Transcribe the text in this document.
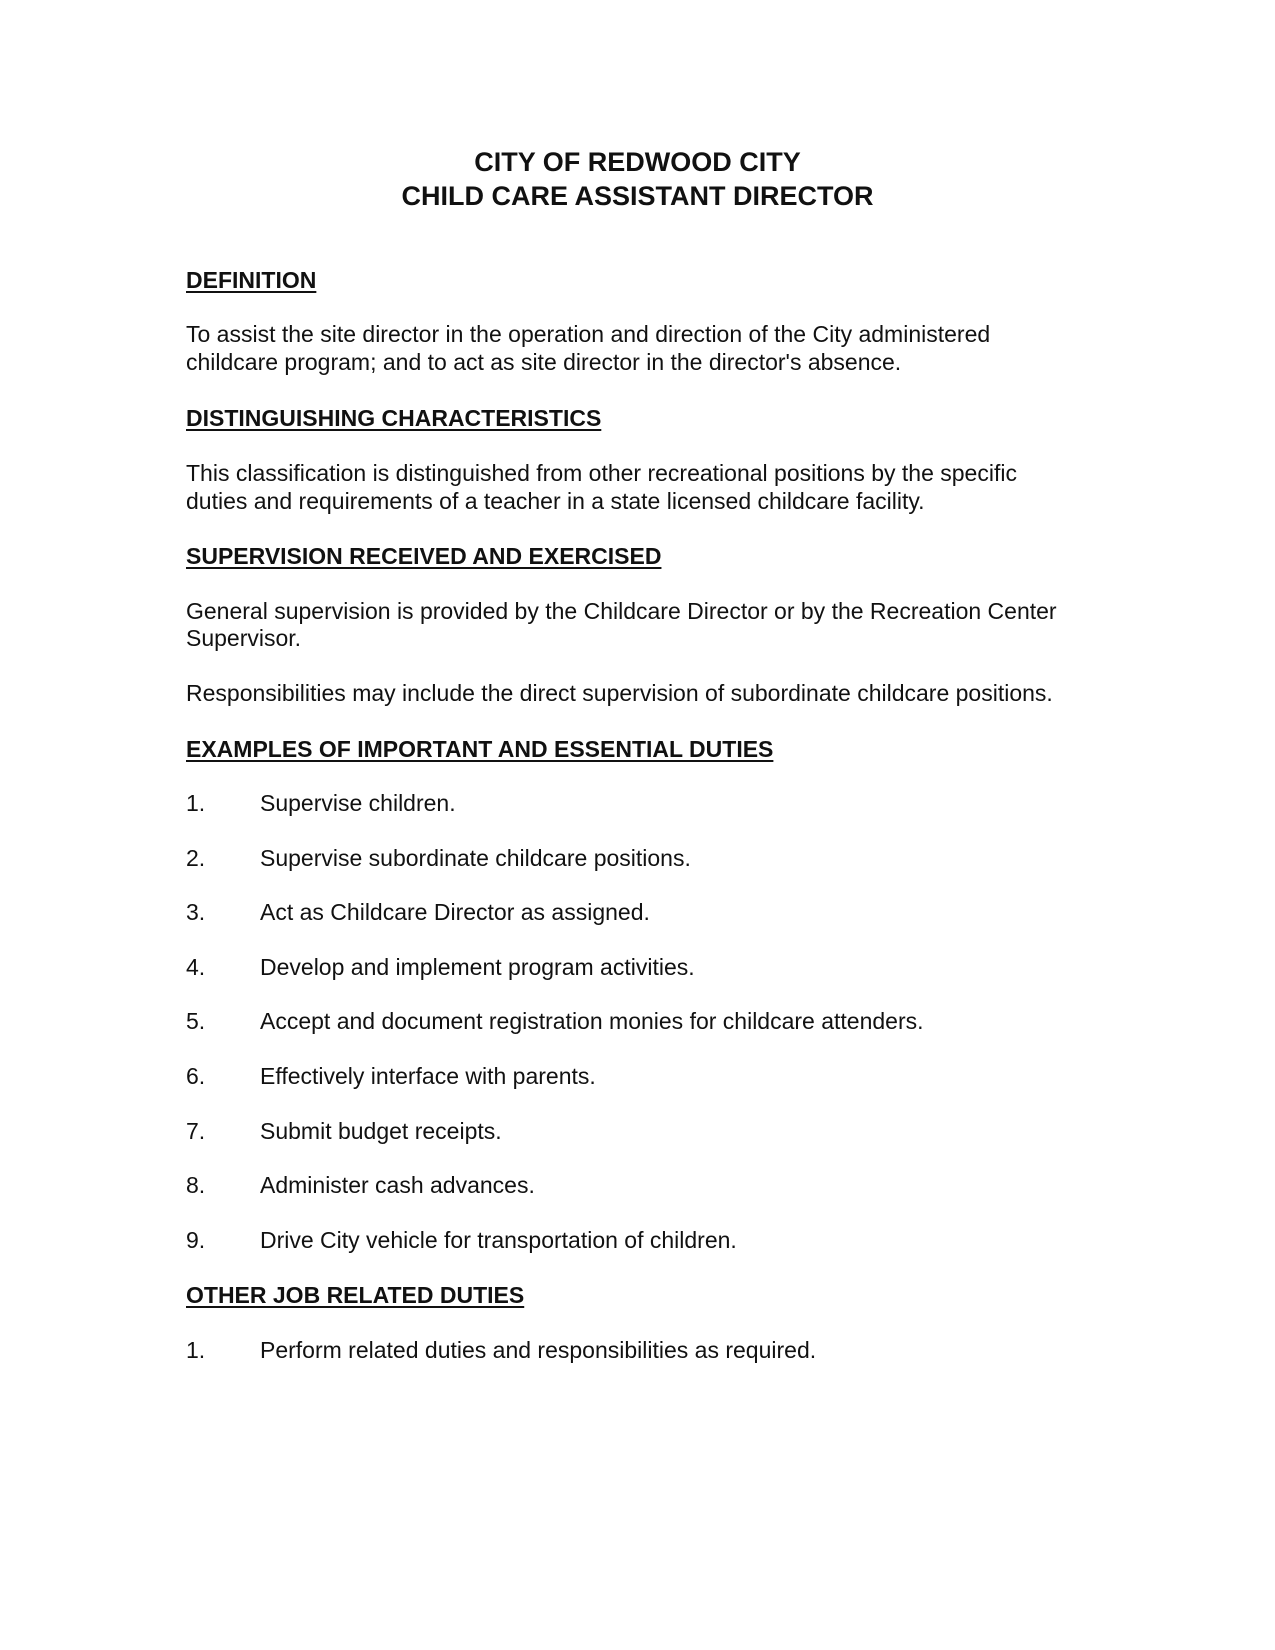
CITY OF REDWOOD CITY
CHILD CARE ASSISTANT DIRECTOR
DEFINITION

To assist the site director in the operation and direction of the City administered

childcare program; and to act as site director in the director's absence.

DISTINGUISHING CHARACTERISTICS

This classification is distinguished from other recreational positions by the specific

duties and requirements of a teacher in a state licensed childcare facility.

SUPERVISION RECEIVED AND EXERCISED

General supervision is provided by the Childcare Director or by the Recreation Center

Supervisor.

Responsibilities may include the direct supervision of subordinate childcare positions.

EXAMPLES OF IMPORTANT AND ESSENTIAL DUTIES

1. Supervise children.

2. Supervise subordinate childcare positions.

3. Act as Childcare Director as assigned.

4. Develop and implement program activities.

5. Accept and document registration monies for childcare attenders.

6. Effectively interface with parents.

7. Submit budget receipts.

8. Administer cash advances.

9. Drive City vehicle for transportation of children.

OTHER JOB RELATED DUTIES

1. Perform related duties and responsibilities as required.
